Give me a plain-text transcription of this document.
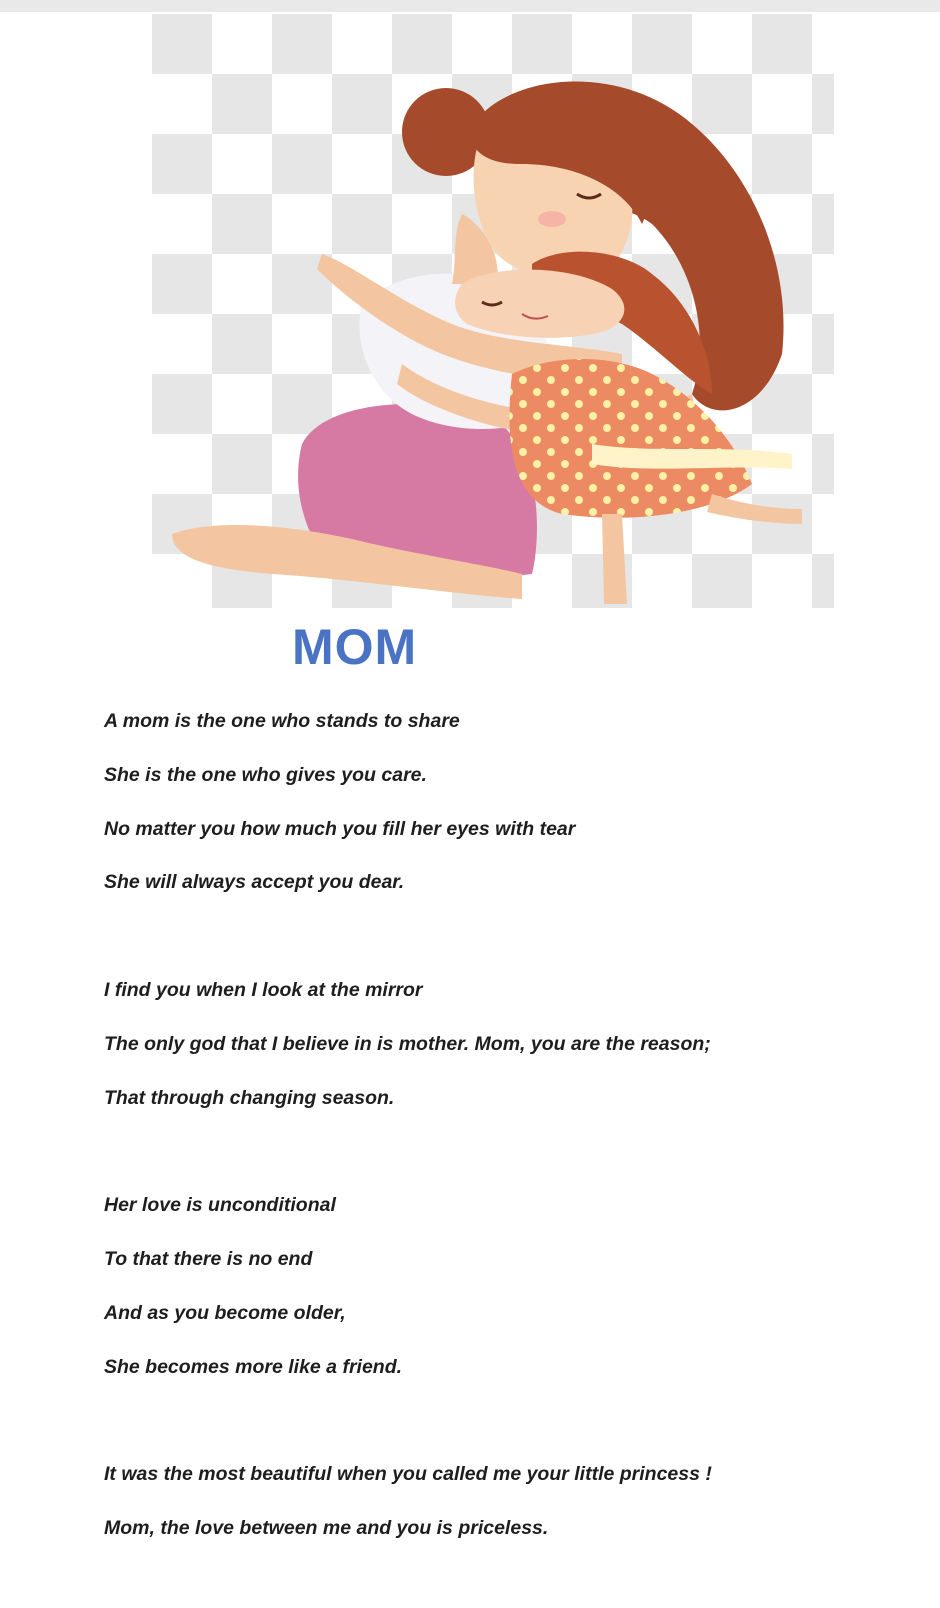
MOM
A mom is the one who stands to share
She is the one who gives you care.
No matter you how much you fill her eyes with tear
She will always accept you dear.
I find you when I look at the mirror
The only god that I believe in is mother. Mom, you are the reason;
That through changing season.
Her love is unconditional
To that there is no end
And as you become older,
She becomes more like a friend.
It was the most beautiful when you called me your little princess !
Mom, the love between me and you is priceless.
